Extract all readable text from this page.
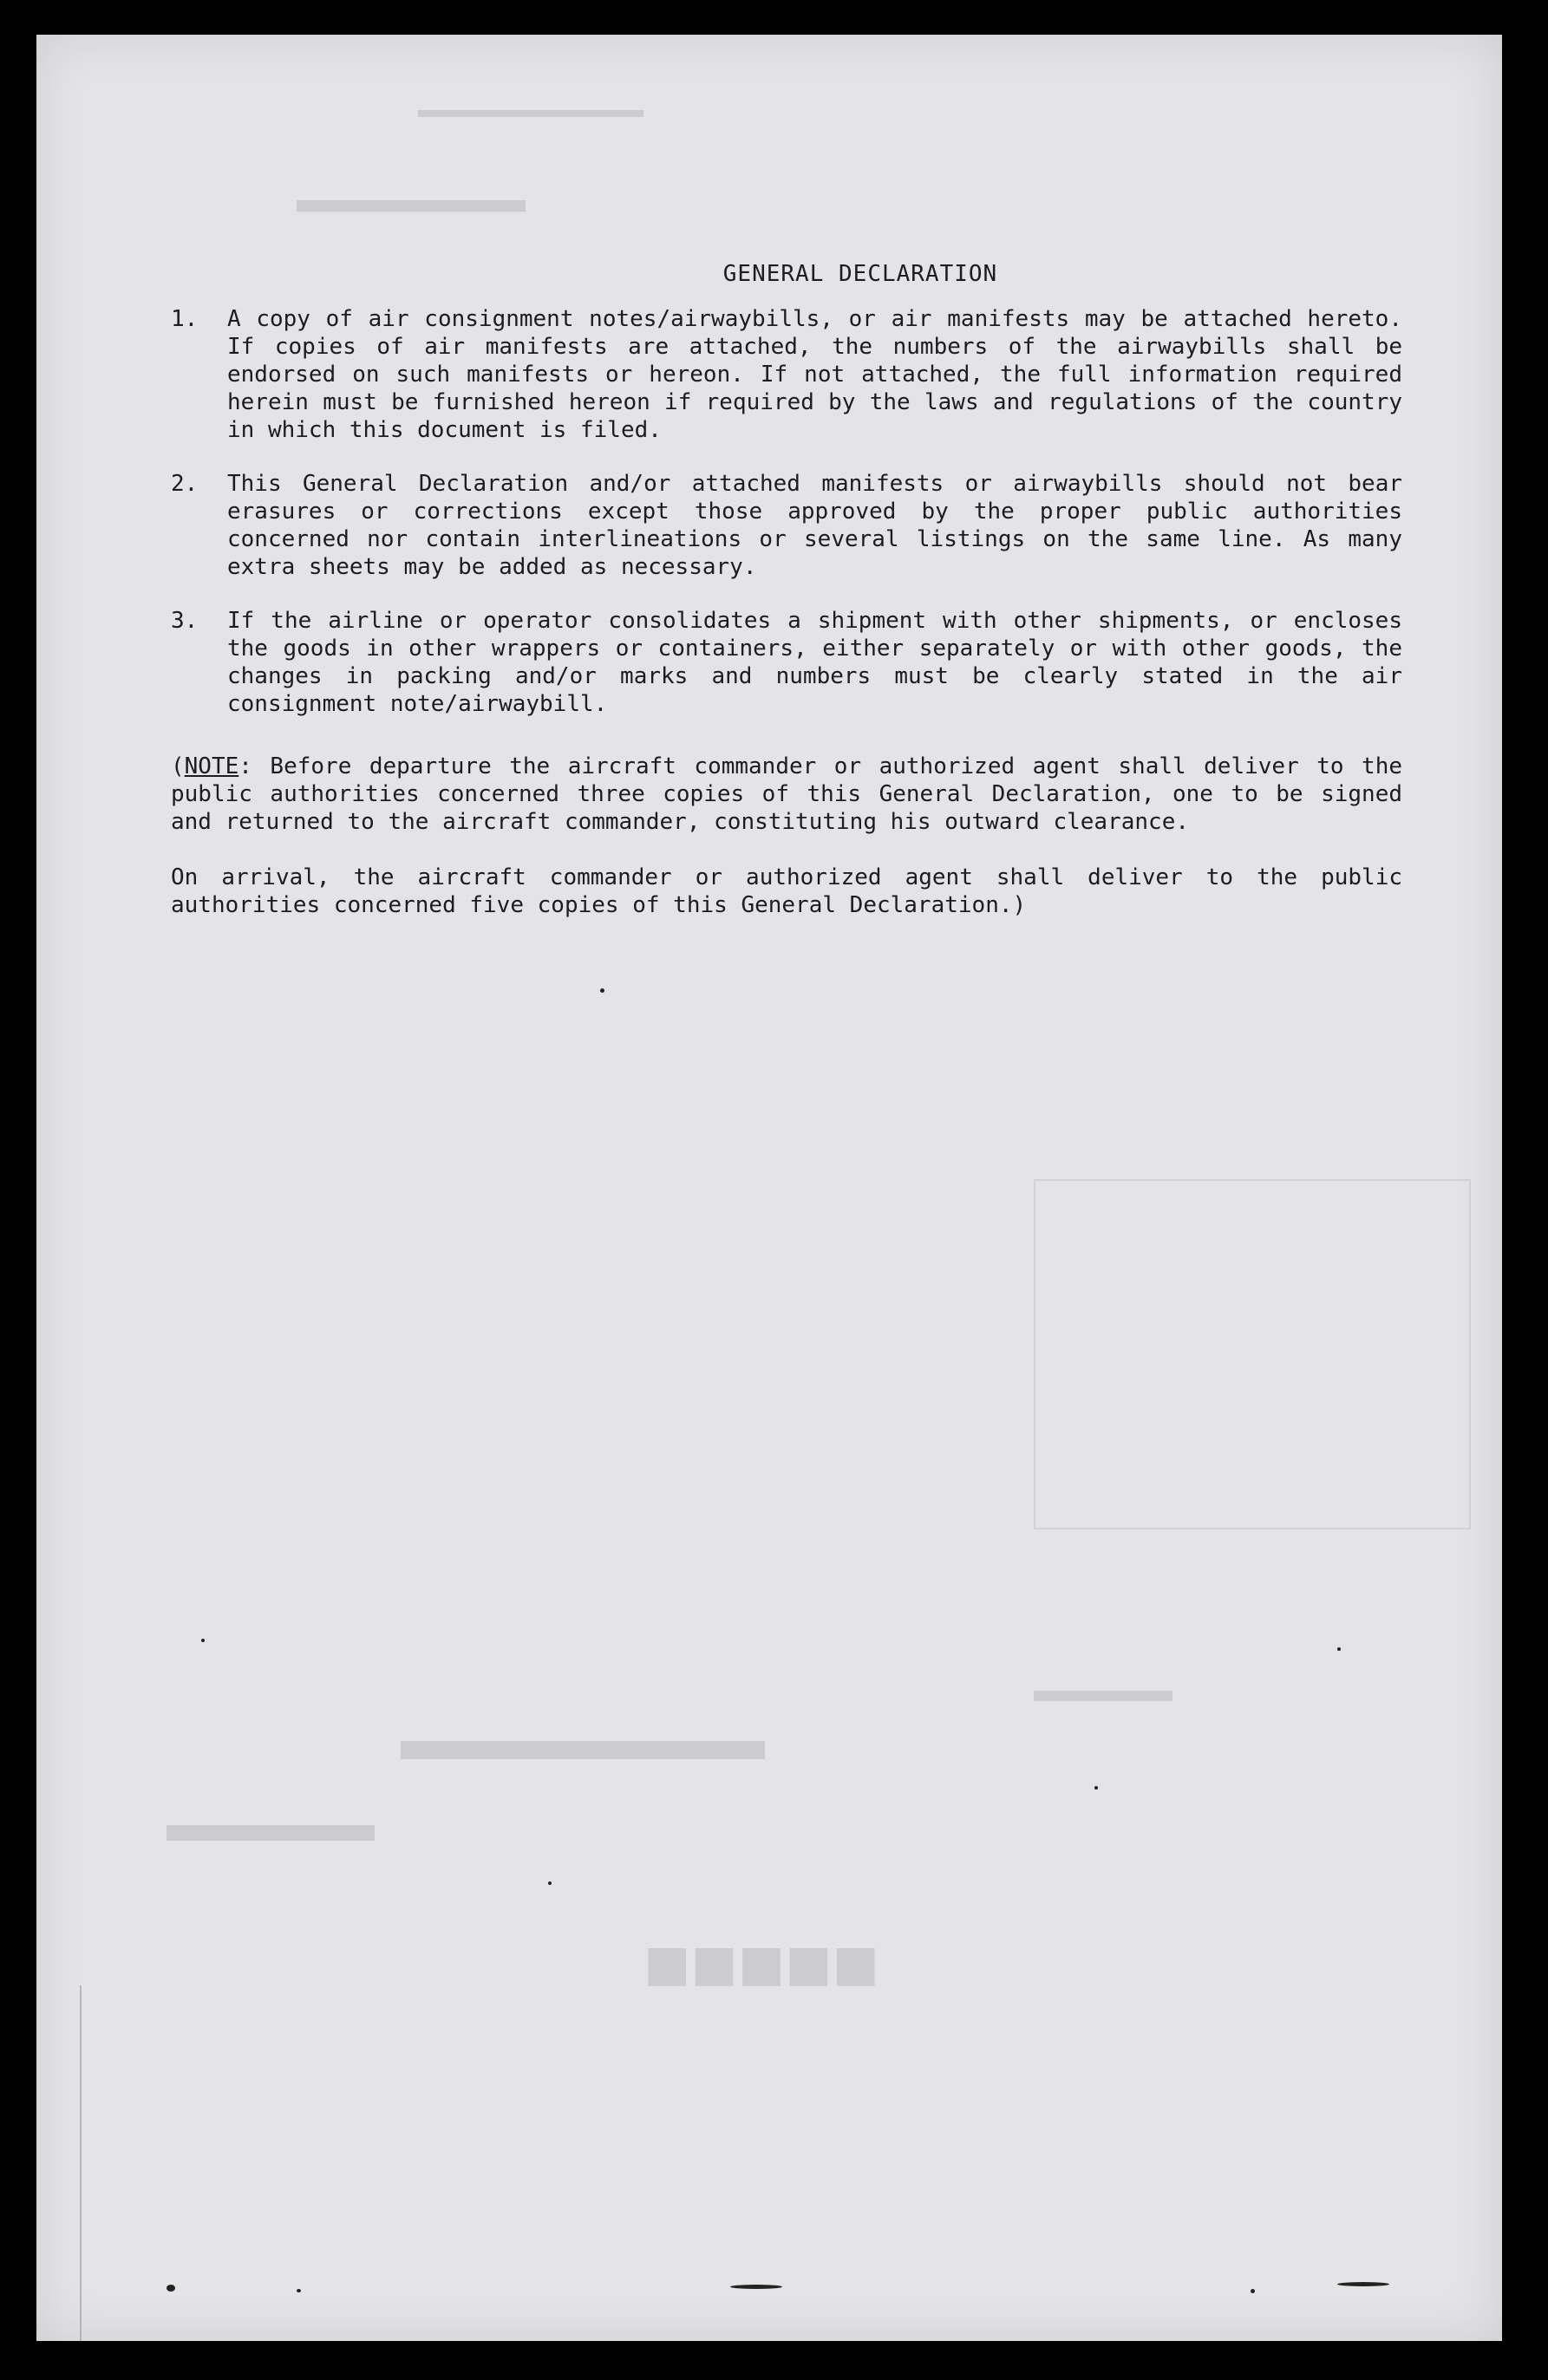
■■■■■
▬▬▬▬▬▬
▬▬▬▬
▬▬▬▬
▬▬▬▬▬▬▬▬▬▬
▬▬▬▬▬▬
GENERAL DECLARATION
1.	A copy of air consignment notes/airwaybills, or air manifests may be attached hereto. If copies of air manifests are attached, the numbers of the airwaybills shall be endorsed on such manifests or hereon. If not attached, the full information required herein must be furnished hereon if required by the laws and regulations of the country in which this document is filed.
2.	This General Declaration and/or attached manifests or airwaybills should not bear erasures or corrections except those approved by the proper public authorities concerned nor contain interlineations or several listings on the same line. As many extra sheets may be added as necessary.
3.	If the airline or operator consolidates a shipment with other shipments, or encloses the goods in other wrappers or containers, either separately or with other goods, the changes in packing and/or marks and numbers must be clearly stated in the air consignment note/airwaybill.
(NOTE: Before departure the aircraft commander or authorized agent shall deliver to the public authorities concerned three copies of this General Declaration, one to be signed and returned to the aircraft commander, constituting his outward clearance.
On arrival, the aircraft commander or authorized agent shall deliver to the public authorities concerned five copies of this General Declaration.)
